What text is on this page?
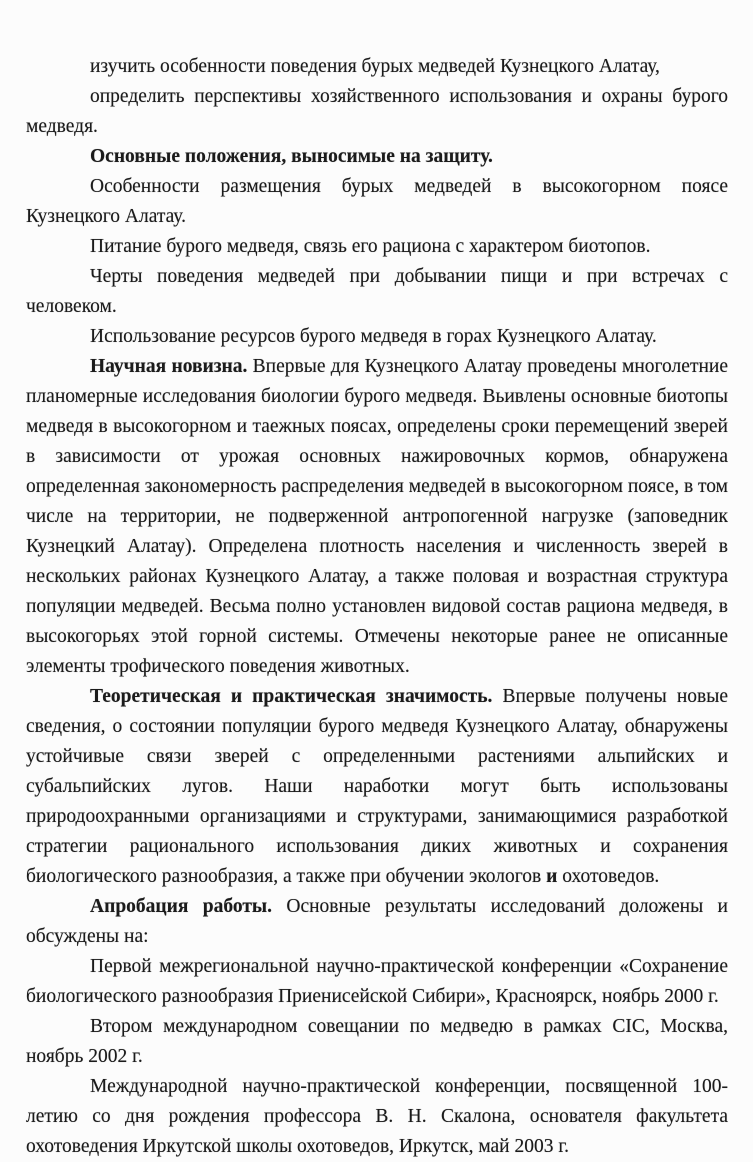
изучить особенности поведения бурых медведей Кузнецкого Алатау,

определить перспективы хозяйственного использования и охраны бурого медведя.

Основные положения, выносимые на защиту.

Особенности размещения бурых медведей в высокогорном поясе Кузнецкого Алатау.

Питание бурого медведя, связь его рациона с характером биотопов.

Черты поведения медведей при добывании пищи и при встречах с человеком.

Использование ресурсов бурого медведя в горах Кузнецкого Алатау.

Научная новизна. Впервые для Кузнецкого Алатау проведены многолетние планомерные исследования биологии бурого медведя. Вьивлены основные биотопы медведя в высокогорном и таежных поясах, определены сроки перемещений зверей в зависимости от урожая основных нажировочных кормов, обнаружена определенная закономерность распределения медведей в высокогорном поясе, в том числе на территории, не подверженной антропогенной нагрузке (заповедник Кузнецкий Алатау). Определена плотность населения и численность зверей в нескольких районах Кузнецкого Алатау, а также половая и возрастная структура популяции медведей. Весьма полно установлен видовой состав рациона медведя, в высокогорьях этой горной системы. Отмечены некоторые ранее не описанные элементы трофического поведения животных.

Теоретическая и практическая значимость. Впервые получены новые сведения, о состоянии популяции бурого медведя Кузнецкого Алатау, обнаружены устойчивые связи зверей с определенными растениями альпийских и субальпийских лугов. Наши наработки могут быть использованы природоохранными организациями и структурами, занимающимися разработкой стратегии рационального использования диких животных и сохранения биологического разнообразия, а также при обучении экологов и охотоведов.

Апробация работы. Основные результаты исследований доложены и обсуждены на:

Первой межрегиональной научно-практической конференции «Сохранение биологического разнообразия Приенисейской Сибири», Красноярск, ноябрь 2000 г.

Втором международном совещании по медведю в рамках CIC, Москва, ноябрь 2002 г.

Международной научно-практической конференции, посвященной 100-летию со дня рождения профессора В. Н. Скалона, основателя факультета охотоведения Иркутской школы охотоведов, Иркутск, май 2003 г.
